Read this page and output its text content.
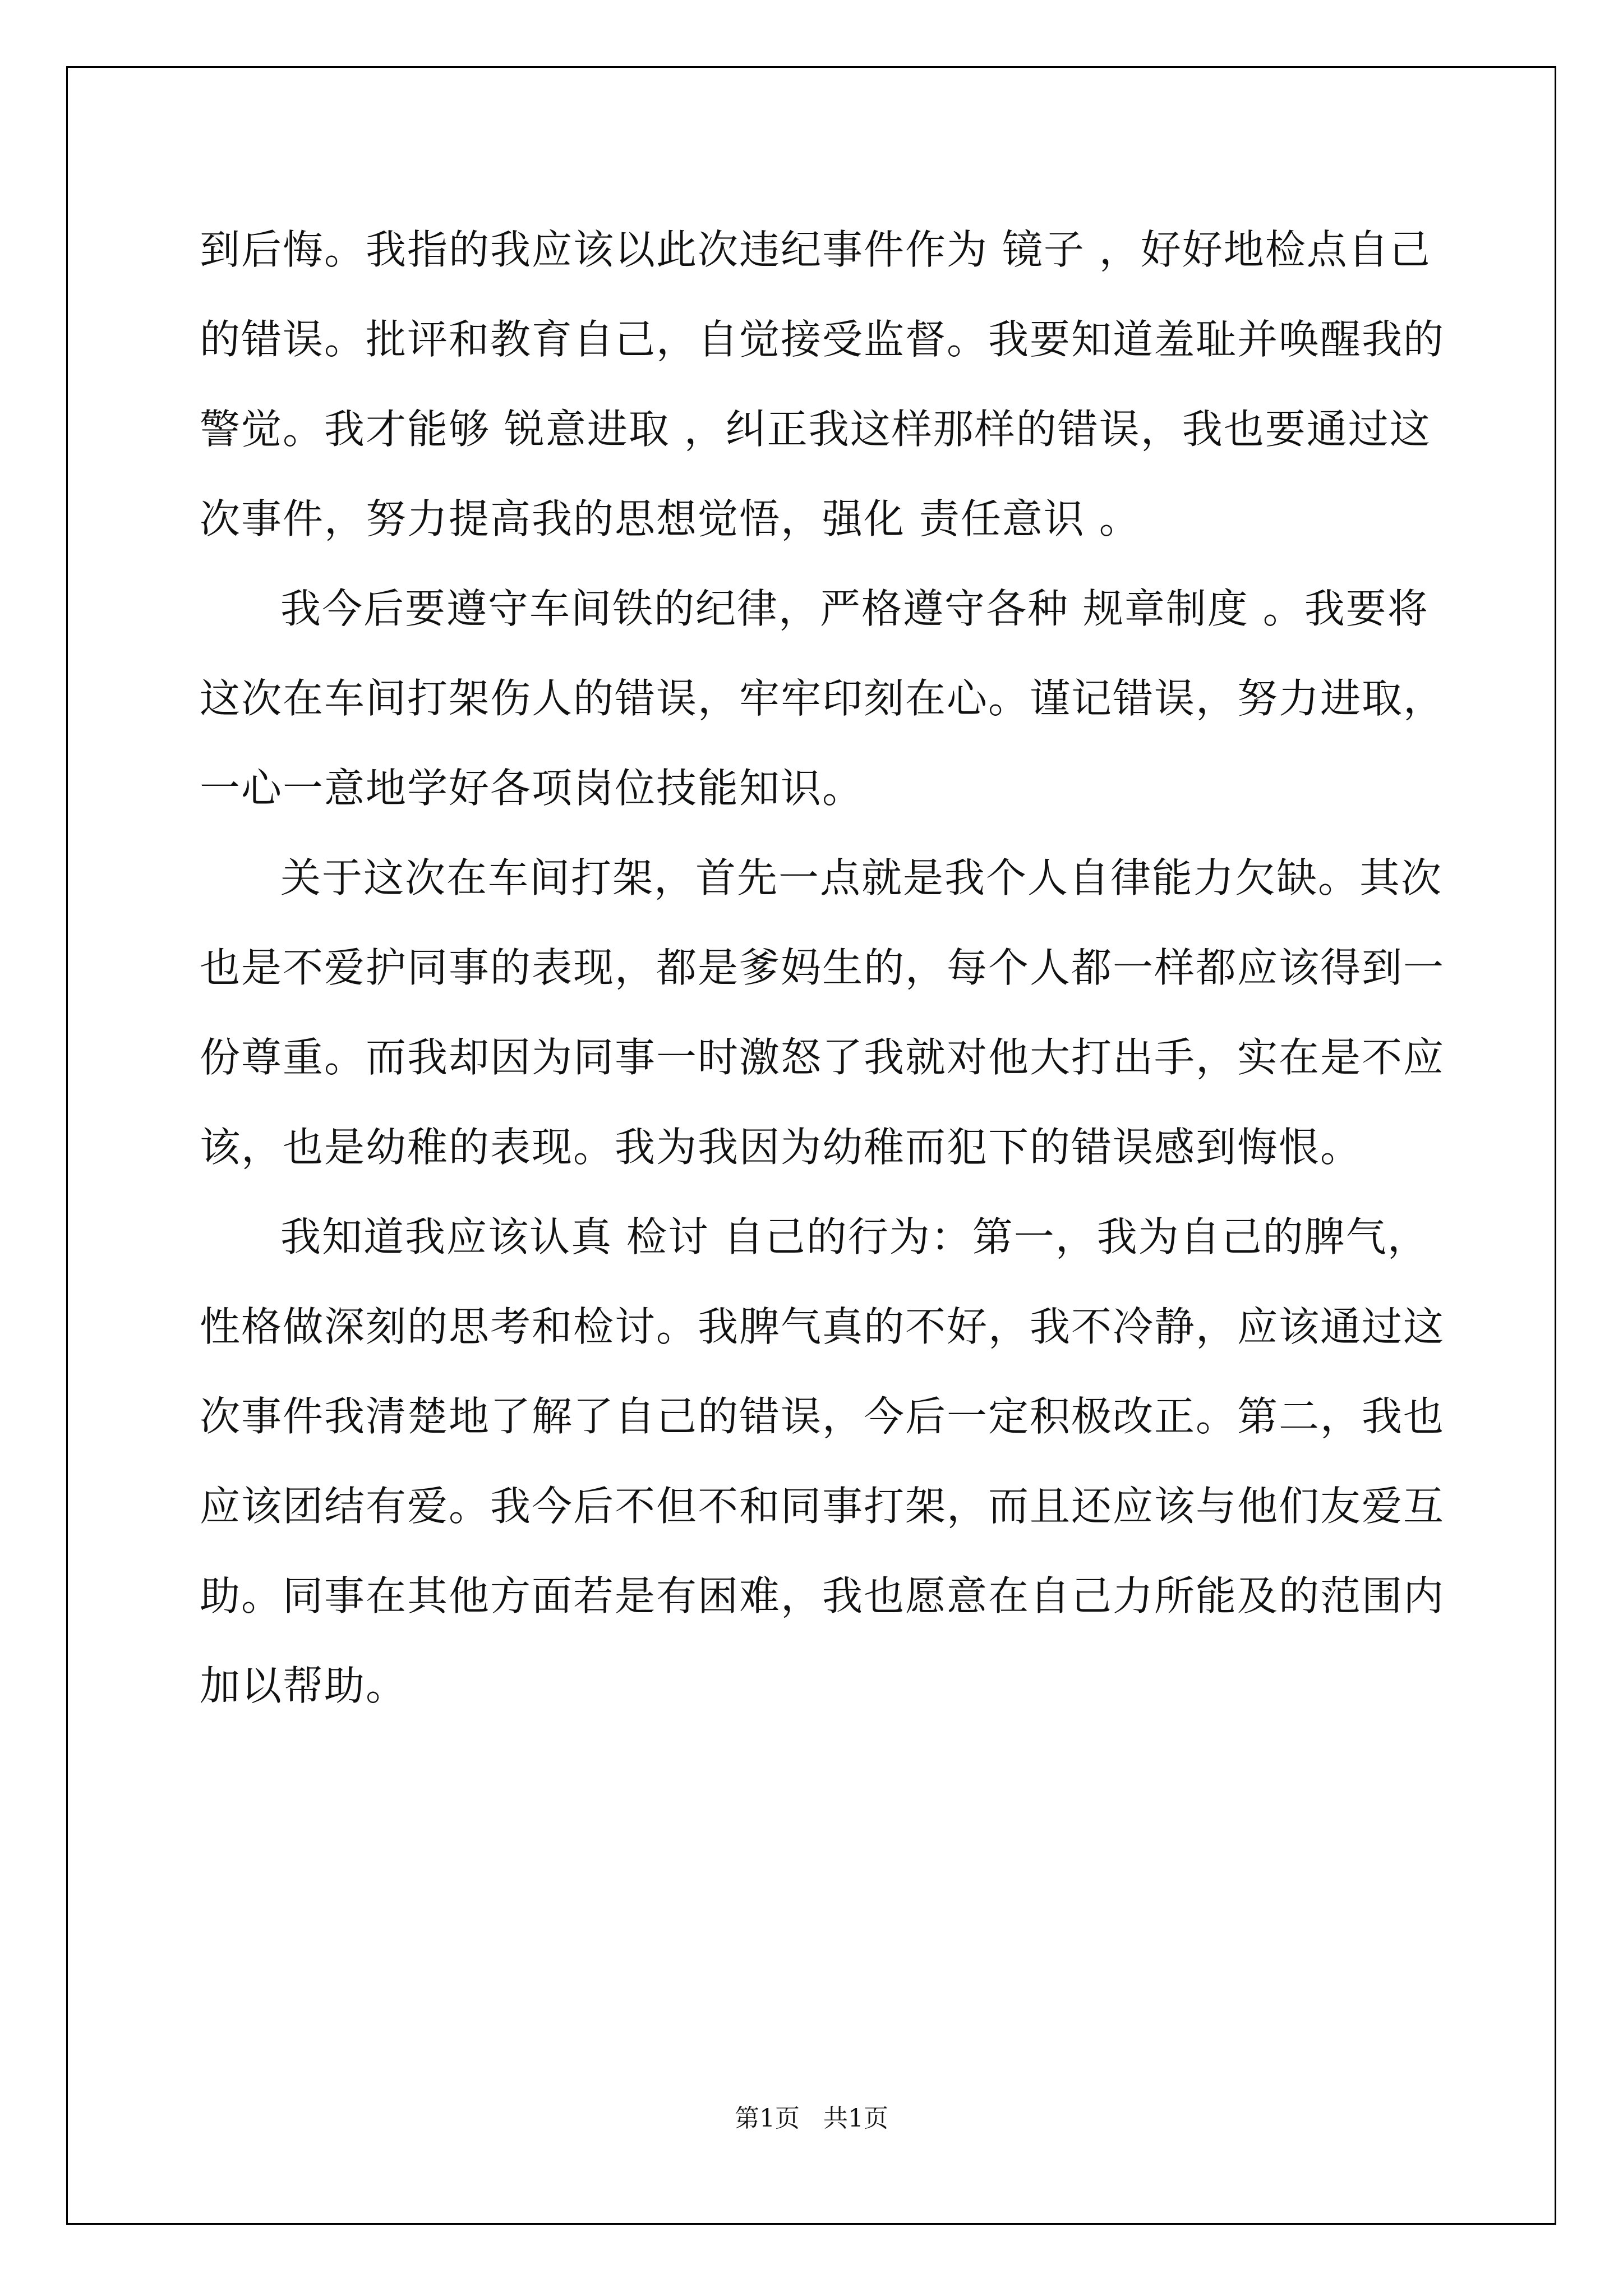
到后悔。我指的我应该以此次违纪事件作为 镜子 ，好好地检点自己
的错误。批评和教育自己，自觉接受监督。我要知道羞耻并唤醒我的
警觉。我才能够 锐意进取 ，纠正我这样那样的错误，我也要通过这
次事件，努力提高我的思想觉悟，强化 责任意识 。
我今后要遵守车间铁的纪律，严格遵守各种 规章制度 。我要将
这次在车间打架伤人的错误，牢牢印刻在心。谨记错误，努力进取，
一心一意地学好各项岗位技能知识。
关于这次在车间打架，首先一点就是我个人自律能力欠缺。其次
也是不爱护同事的表现，都是爹妈生的，每个人都一样都应该得到一
份尊重。而我却因为同事一时激怒了我就对他大打出手，实在是不应
该，也是幼稚的表现。我为我因为幼稚而犯下的错误感到悔恨。
我知道我应该认真 检讨 自己的行为：第一，我为自己的脾气，
性格做深刻的思考和检讨。我脾气真的不好，我不冷静，应该通过这
次事件我清楚地了解了自己的错误，今后一定积极改正。第二，我也
应该团结有爱。我今后不但不和同事打架，而且还应该与他们友爱互
助。同事在其他方面若是有困难，我也愿意在自己力所能及的范围内
加以帮助。
第1页   共1页
